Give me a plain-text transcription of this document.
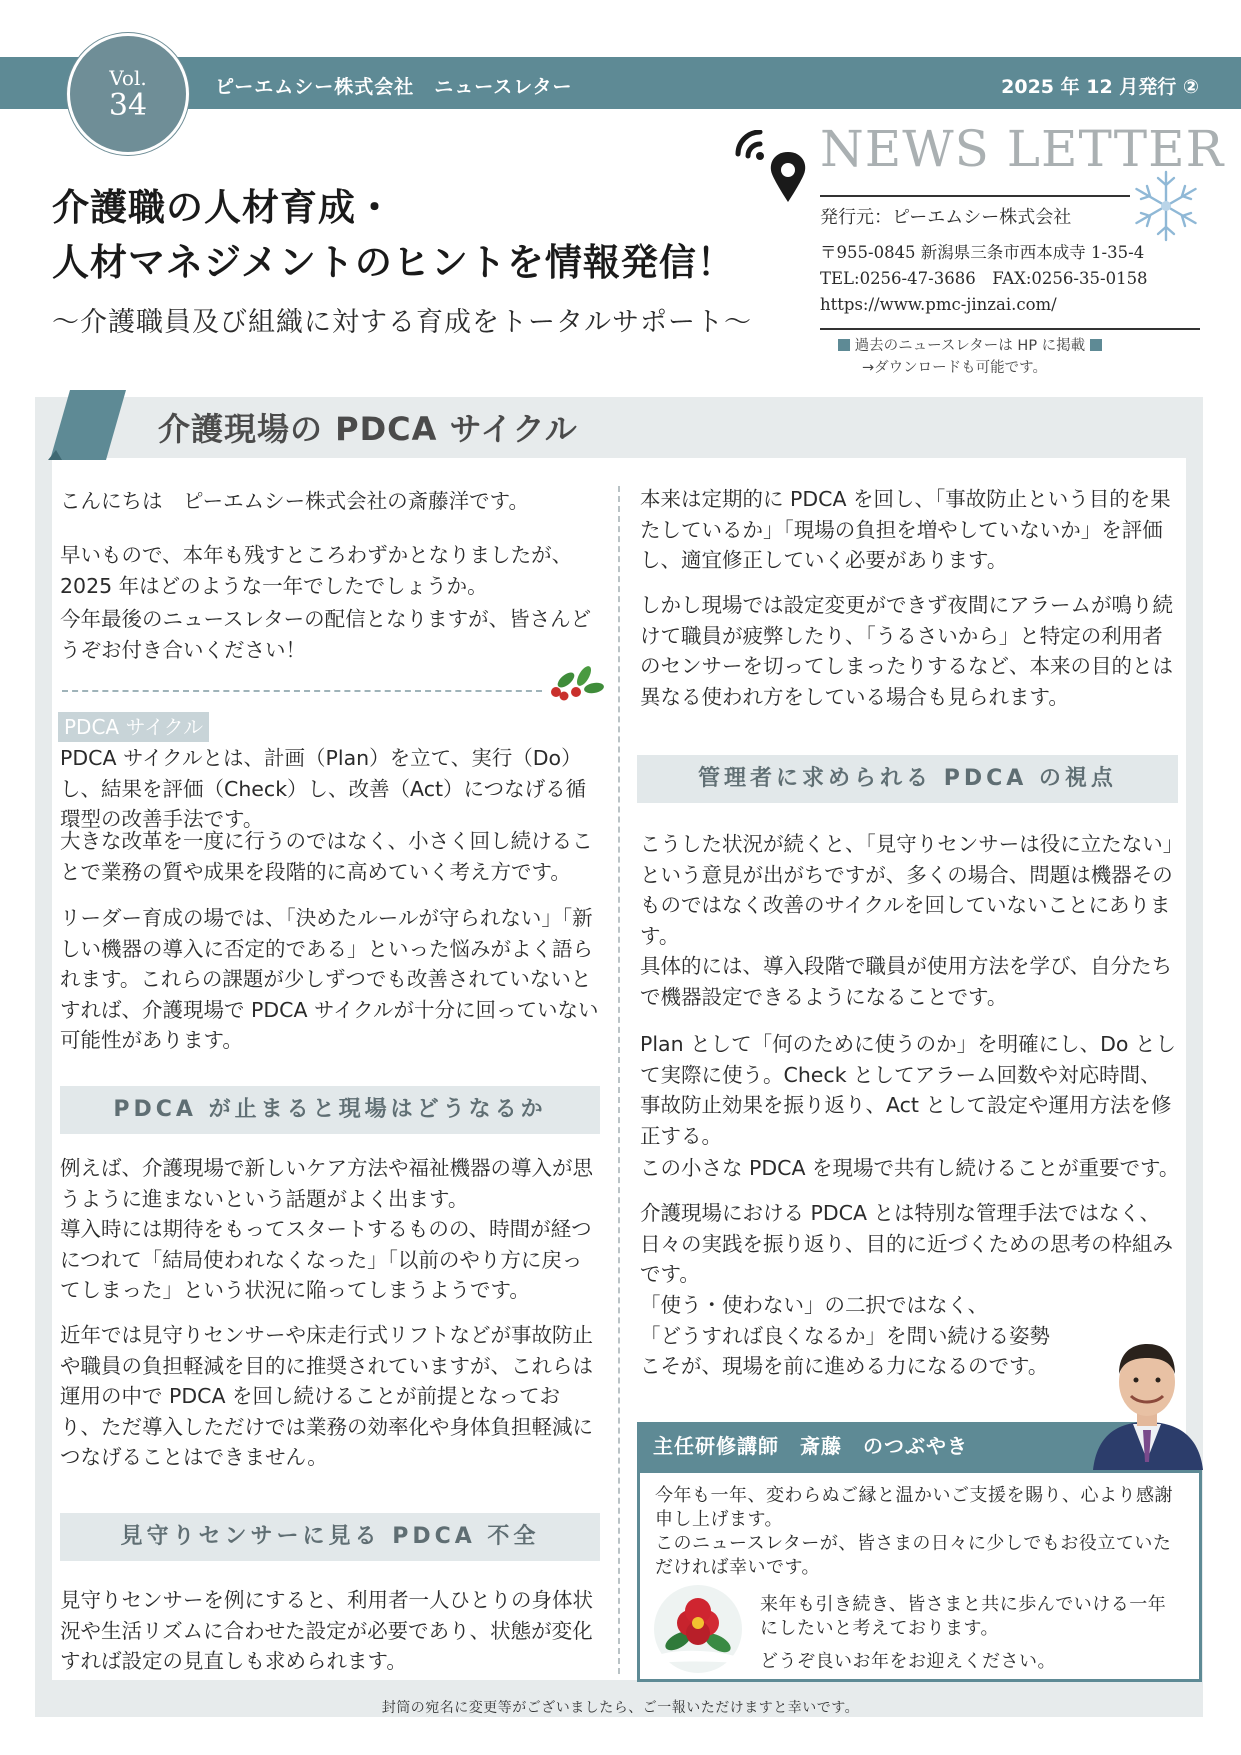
ピーエムシー株式会社　ニュースレター	2025 年 12 月発行 ②
Vol.
34
介護職の人材育成・
人材マネジメントのヒントを情報発信！
〜介護職員及び組織に対する育成をトータルサポート〜
NEWS LETTER
発行元：ピーエムシー株式会社
〒955-0845 新潟県三条市西本成寺 1-35-4
TEL:0256-47-3686　FAX:0256-35-0158
https://www.pmc-jinzai.com/
過去のニュースレターは HP に掲載
→ダウンロードも可能です。
介護現場の PDCA サイクル
こんにちは　ピーエムシー株式会社の斎藤洋です。
早いもので、本年も残すところわずかとなりましたが、2025 年はどのような一年でしたでしょうか。
今年最後のニュースレターの配信となりますが、皆さんどうぞお付き合いください！
PDCA サイクル
PDCA サイクルとは、計画（Plan）を立て、実行（Do）し、結果を評価（Check）し、改善（Act）につなげる循環型の改善手法です。
大きな改革を一度に行うのではなく、小さく回し続けることで業務の質や成果を段階的に高めていく考え方です。
リーダー育成の場では、「決めたルールが守られない」「新しい機器の導入に否定的である」といった悩みがよく語られます。これらの課題が少しずつでも改善されていないとすれば、介護現場で PDCA サイクルが十分に回っていない可能性があります。
PDCA が止まると現場はどうなるか
例えば、介護現場で新しいケア方法や福祉機器の導入が思うように進まないという話題がよく出ます。
導入時には期待をもってスタートするものの、時間が経つにつれて「結局使われなくなった」「以前のやり方に戻ってしまった」という状況に陥ってしまうようです。
近年では見守りセンサーや床走行式リフトなどが事故防止や職員の負担軽減を目的に推奨されていますが、これらは運用の中で PDCA を回し続けることが前提となっており、ただ導入しただけでは業務の効率化や身体負担軽減につなげることはできません。
見守りセンサーに見る PDCA 不全
見守りセンサーを例にすると、利用者一人ひとりの身体状況や生活リズムに合わせた設定が必要であり、状態が変化すれば設定の見直しも求められます。
本来は定期的に PDCA を回し、「事故防止という目的を果たしているか」「現場の負担を増やしていないか」を評価し、適宜修正していく必要があります。
しかし現場では設定変更ができず夜間にアラームが鳴り続けて職員が疲弊したり、「うるさいから」と特定の利用者のセンサーを切ってしまったりするなど、本来の目的とは異なる使われ方をしている場合も見られます。
管理者に求められる PDCA の視点
こうした状況が続くと、「見守りセンサーは役に立たない」という意見が出がちですが、多くの場合、問題は機器そのものではなく改善のサイクルを回していないことにあります。
具体的には、導入段階で職員が使用方法を学び、自分たちで機器設定できるようになることです。
Plan として「何のために使うのか」を明確にし、Do として実際に使う。Check としてアラーム回数や対応時間、事故防止効果を振り返り、Act として設定や運用方法を修正する。
この小さな PDCA を現場で共有し続けることが重要です。
介護現場における PDCA とは特別な管理手法ではなく、日々の実践を振り返り、目的に近づくための思考の枠組みです。
「使う・使わない」の二択ではなく、
「どうすれば良くなるか」を問い続ける姿勢
こそが、現場を前に進める力になるのです。
主任研修講師　斎藤　のつぶやき
今年も一年、変わらぬご縁と温かいご支援を賜り、心より感謝申し上げます。
このニュースレターが、皆さまの日々に少しでもお役立ていただければ幸いです。
来年も引き続き、皆さまと共に歩んでいける一年にしたいと考えております。
どうぞ良いお年をお迎えください。
封筒の宛名に変更等がございましたら、ご一報いただけますと幸いです。
